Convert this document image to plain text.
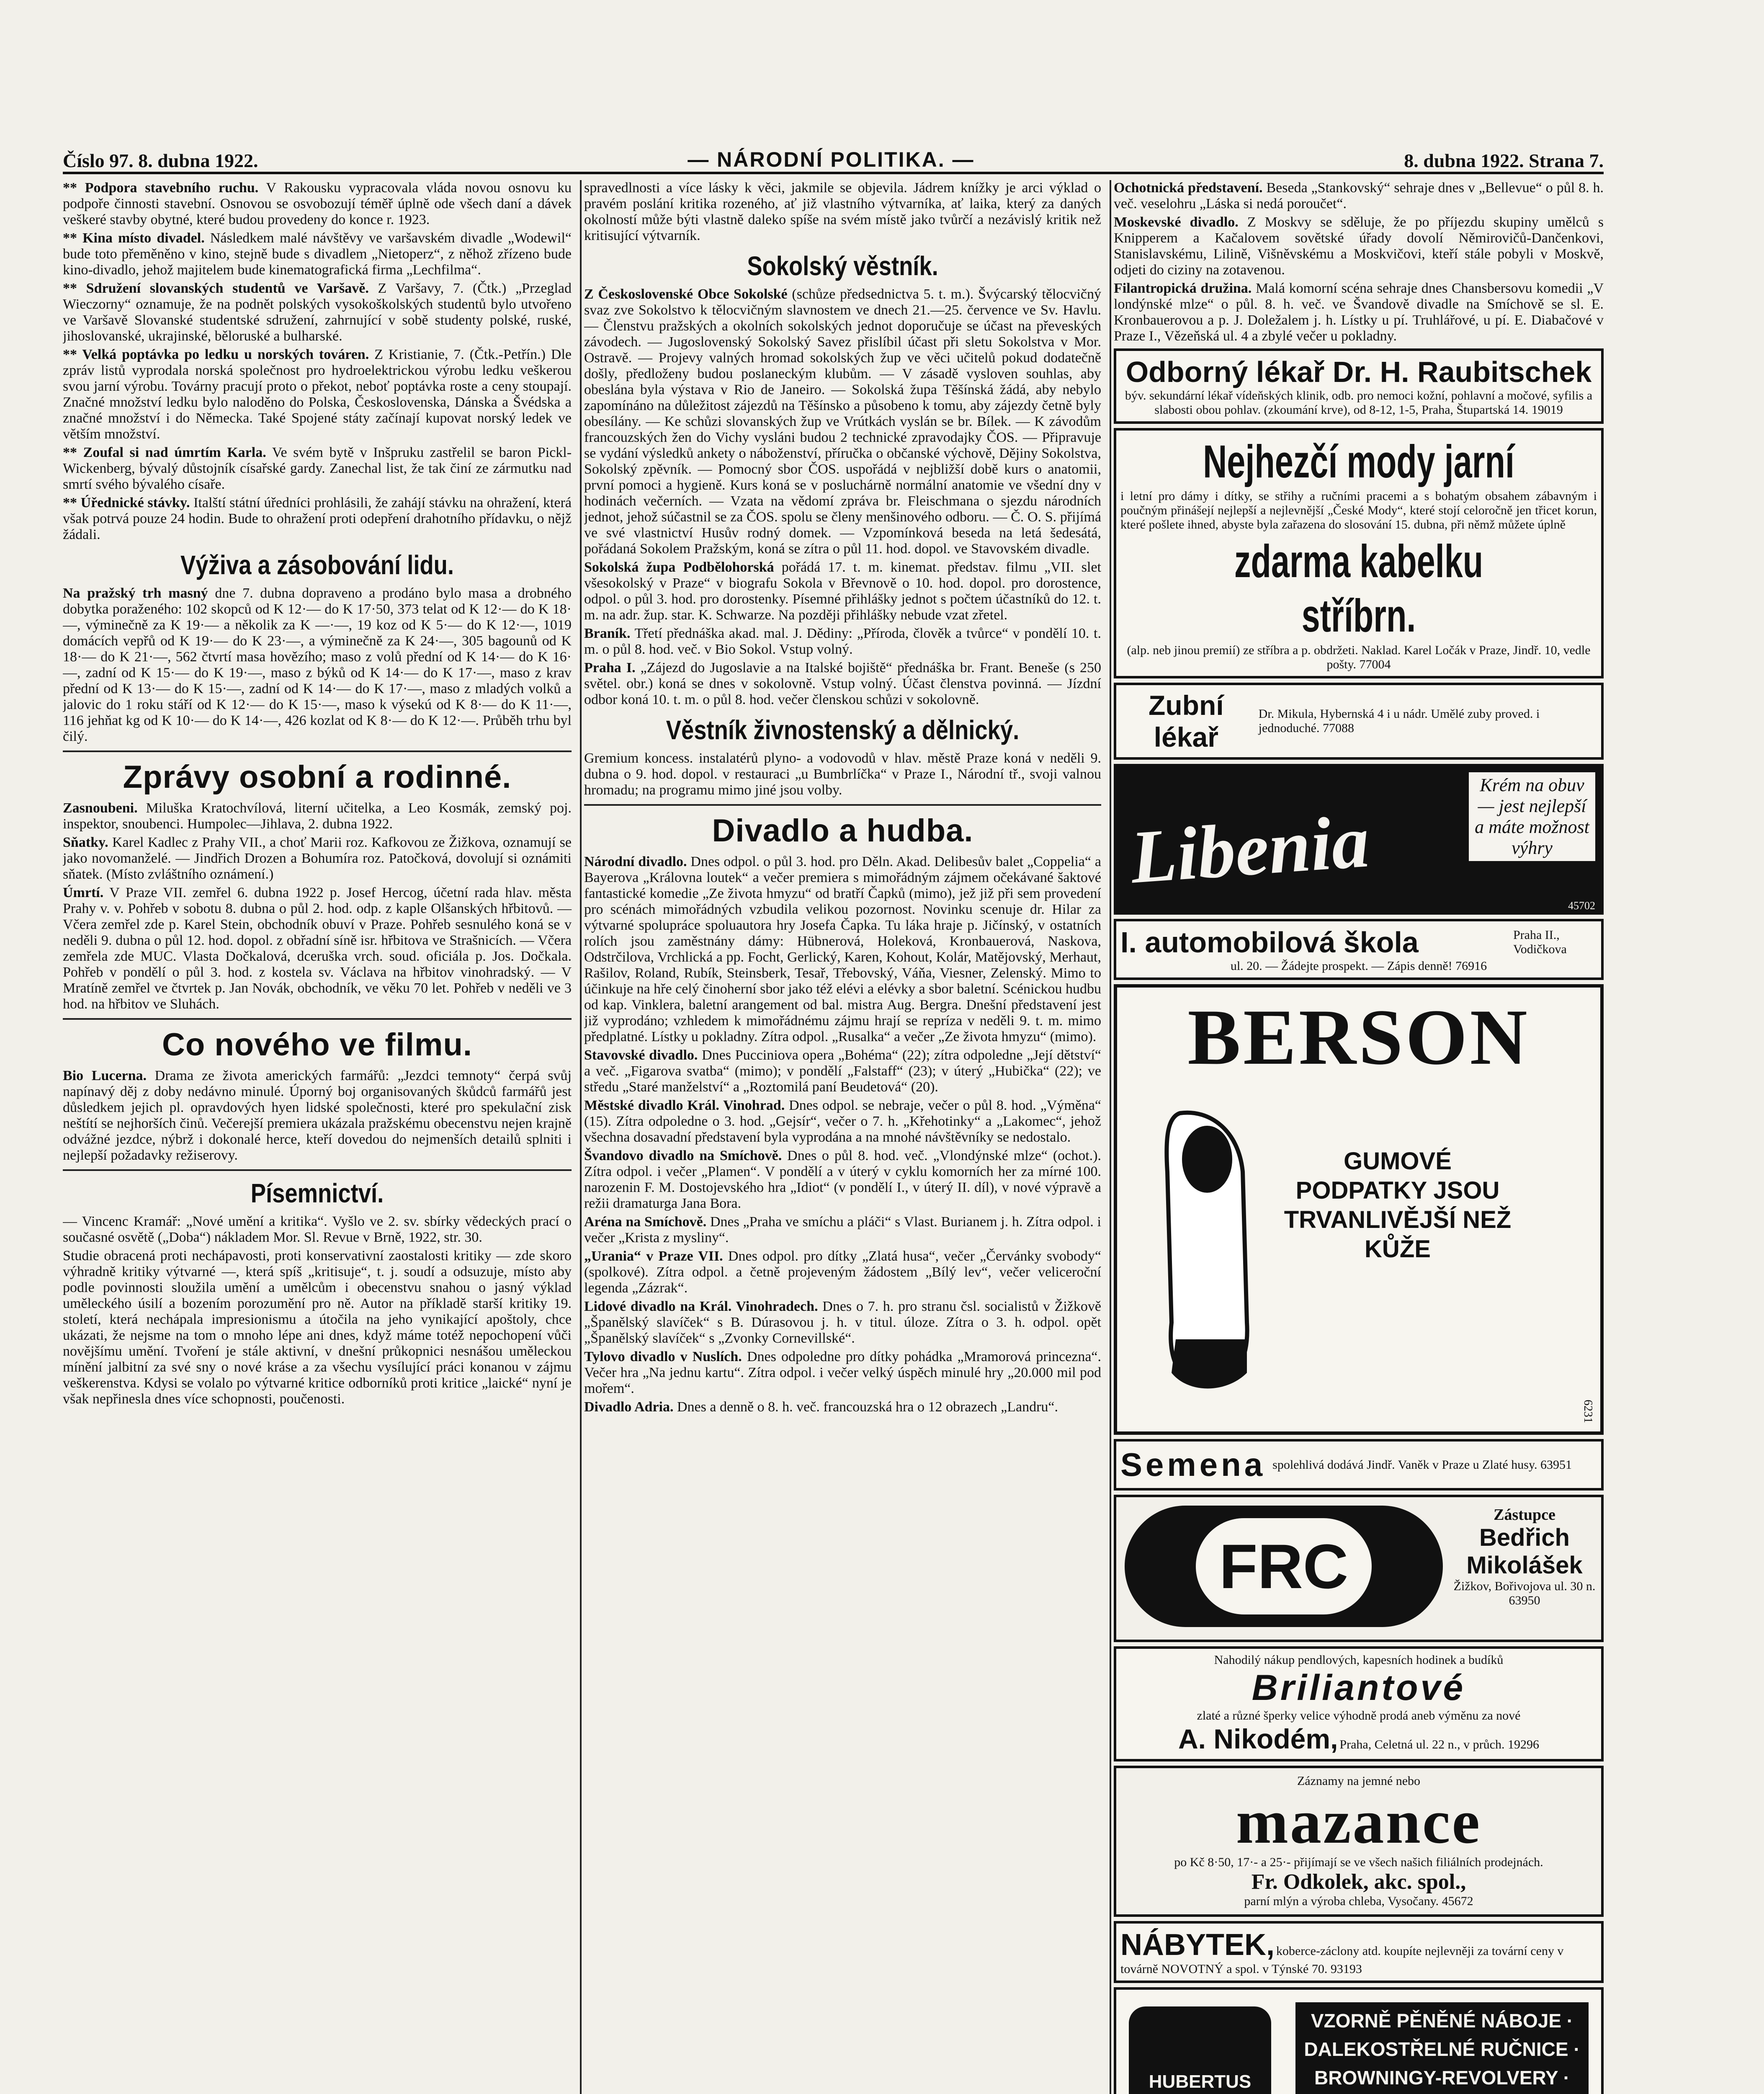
Číslo 97. 8. dubna 1922.	— NÁRODNÍ POLITIKA. —	8. dubna 1922. Strana 7.

** Podpora stavebního ruchu. V Rakousku vypracovala vláda novou osnovu ku podpoře činnosti stavební. Osnovou se osvobozují téměř úplně ode všech daní a dávek veškeré stavby obytné, které budou provedeny do konce r. 1923.

** Kina místo divadel. Následkem malé návštěvy ve varšavském divadle „Wodewil“ bude toto přeměněno v kino, stejně bude s divadlem „Nietoperz“, z něhož zřízeno bude kino-divadlo, jehož majitelem bude kinematografická firma „Lechfilma“.

** Sdružení slovanských studentů ve Varšavě. Z Varšavy, 7. (Čtk.) „Przeglad Wieczorny“ oznamuje, že na podnět polských vysokoškolských studentů bylo utvořeno ve Varšavě Slovanské studentské sdružení, zahrnující v sobě studenty polské, ruské, jihoslovanské, ukrajinské, běloruské a bulharské.

** Velká poptávka po ledku u norských továren. Z Kristianie, 7. (Čtk.-Petřín.) Dle zpráv listů vyprodala norská společnost pro hydroelektrickou výrobu ledku veškerou svou jarní výrobu. Továrny pracují proto o překot, neboť poptávka roste a ceny stoupají. Značné množství ledku bylo naloděno do Polska, Československa, Dánska a Švédska a značné množství i do Německa. Také Spojené státy začínají kupovat norský ledek ve větším množství.

** Zoufal si nad úmrtím Karla. Ve svém bytě v Inšpruku zastřelil se baron Pickl-Wickenberg, bývalý důstojník císařské gardy. Zanechal list, že tak činí ze zármutku nad smrtí svého bývalého císaře.

** Úřednické stávky. Italští státní úředníci prohlásili, že zahájí stávku na ohražení, která však potrvá pouze 24 hodin. Bude to ohražení proti odepření drahotního přídavku, o nějž žádali.

Výživa a zásobování lidu.

Na pražský trh masný dne 7. dubna dopraveno a prodáno bylo masa a drobného dobytka poraženého: 102 skopců od K 12·— do K 17·50, 373 telat od K 12·— do K 18·—, výminečně za K 19·— a několik za K —·—, 19 koz od K 5·— do K 12·—, 1019 domácích vepřů od K 19·— do K 23·—, a výminečně za K 24·—, 305 bagounů od K 18·— do K 21·—, 562 čtvrtí masa hovězího; maso z volů přední od K 14·— do K 16·—, zadní od K 15·— do K 19·—, maso z býků od K 14·— do K 17·—, maso z krav přední od K 13·— do K 15·—, zadní od K 14·— do K 17·—, maso z mladých volků a jalovic do 1 roku stáří od K 12·— do K 15·—, maso k výsekú od K 8·— do K 11·—, 116 jehňat kg od K 10·— do K 14·—, 426 kozlat od K 8·— do K 12·—. Průběh trhu byl čilý.

Zprávy osobní a rodinné.

Zasnoubeni. Miluška Kratochvílová, literní učitelka, a Leo Kosmák, zemský poj. inspektor, snoubenci. Humpolec—Jihlava, 2. dubna 1922.

Sňatky. Karel Kadlec z Prahy VII., a choť Marii roz. Kafkovou ze Žižkova, oznamují se jako novomanželé. — Jindřich Drozen a Bohumíra roz. Patočková, dovolují si oznámiti sňatek. (Místo zvláštního oznámení.)

Úmrtí. V Praze VII. zemřel 6. dubna 1922 p. Josef Hercog, účetní rada hlav. města Prahy v. v. Pohřeb v sobotu 8. dubna o půl 2. hod. odp. z kaple Olšanských hřbitovů. — Včera zemřel zde p. Karel Stein, obchodník obuví v Praze. Pohřeb sesnulého koná se v neděli 9. dubna o půl 12. hod. dopol. z obřadní síně isr. hřbitova ve Strašnicích. — Včera zemřela zde MUC. Vlasta Dočkalová, dceruška vrch. soud. oficiála p. Jos. Dočkala. Pohřeb v pondělí o půl 3. hod. z kostela sv. Václava na hřbitov vinohradský. — V Mratíně zemřel ve čtvrtek p. Jan Novák, obchodník, ve věku 70 let. Pohřeb v neděli ve 3 hod. na hřbitov ve Sluhách.

Co nového ve filmu.

Bio Lucerna. Drama ze života amerických farmářů: „Jezdci temnoty“ čerpá svůj napínavý děj z doby nedávno minulé. Úporný boj organisovaných škůdců farmářů jest důsledkem jejich pl. opravdových hyen lidské společnosti, které pro spekulační zisk neštítí se nejhorších činů. Večerejší premiera ukázala pražskému obecenstvu nejen krajně odvážné jezdce, nýbrž i dokonalé herce, kteří dovedou do nejmenších detailů splniti i nejlepší požadavky režiserovy.

Písemnictví.

— Vincenc Kramář: „Nové umění a kritika“. Vyšlo ve 2. sv. sbírky vědeckých prací o současné osvětě („Doba“) nákladem Mor. Sl. Revue v Brně, 1922, str. 30.

Studie obracená proti nechápavosti, proti konservativní zaostalosti kritiky — zde skoro výhradně kritiky výtvarné —, která spíš „kritisuje“, t. j. soudí a odsuzuje, místo aby podle povinnosti sloužila umění a umělcům i obecenstvu snahou o jasný výklad uměleckého úsilí a bozením porozumění pro ně. Autor na příkladě starší kritiky 19. století, která nechápala impresionismu a útočila na jeho vynikající apoštoly, chce ukázati, že nejsme na tom o mnoho lépe ani dnes, když máme totéž nepochopení vůči novějšímu umění. Tvoření je stále aktivní, v dnešní průkopnici nesnášou uměleckou mínění jalbitní za své sny o nové kráse a za všechu vysílující práci konanou v zájmu veškerenstva. Kdysi se volalo po výtvarné kritice odborníků proti kritice „laické“ nyní je však nepřinesla dnes více schopnosti, poučenosti.

spravedlnosti a více lásky k věci, jakmile se objevila. Jádrem knížky je arci výklad o pravém poslání kritika rozeného, ať již vlastního výtvarníka, ať laika, který za daných okolností může býti vlastně daleko spíše na svém místě jako tvůrčí a nezávislý kritik než kritisující výtvarník.

Sokolský věstník.

Z Československé Obce Sokolské (schůze předsednictva 5. t. m.). Švýcarský tělocvičný svaz zve Sokolstvo k tělocvičným slavnostem ve dnech 21.—25. července ve Sv. Havlu. — Členstvu pražských a okolních sokolských jednot doporučuje se účast na převeských závodech. — Jugoslovenský Sokolský Savez přislíbil účast při sletu Sokolstva v Mor. Ostravě. — Projevy valných hromad sokolských žup ve věci učitelů pokud dodatečně došly, předloženy budou poslaneckým klubům. — V zásadě vysloven souhlas, aby obeslána byla výstava v Rio de Janeiro. — Sokolská župa Těšínská žádá, aby nebylo zapomínáno na důležitost zájezdů na Těšínsko a působeno k tomu, aby zájezdy četně byly obesílány. — Ke schůzi slovanských žup ve Vrútkách vyslán se br. Bílek. — K závodům francouzských žen do Vichy vysláni budou 2 technické zpravodajky ČOS. — Připravuje se vydání výsledků ankety o náboženství, příručka o občanské výchově, Dějiny Sokolstva, Sokolský zpěvník. — Pomocný sbor ČOS. uspořádá v nejbližší době kurs o anatomii, první pomoci a hygieně. Kurs koná se v posluchárně normální anatomie ve všední dny v hodinách večerních. — Vzata na vědomí zpráva br. Fleischmana o sjezdu národních jednot, jehož súčastnil se za ČOS. spolu se členy menšinového odboru. — Č. O. S. přijímá ve své vlastnictví Husův rodný domek. — Vzpomínková beseda na letá šedesátá, pořádaná Sokolem Pražským, koná se zítra o půl 11. hod. dopol. ve Stavovském divadle.

Sokolská župa Podbělohorská pořádá 17. t. m. kinemat. představ. filmu „VII. slet všesokolský v Praze“ v biografu Sokola v Břevnově o 10. hod. dopol. pro dorostence, odpol. o půl 3. hod. pro dorostenky. Písemné přihlášky jednot s počtem účastníků do 12. t. m. na adr. žup. star. K. Schwarze. Na později přihlášky nebude vzat zřetel.

Braník. Třetí přednáška akad. mal. J. Dědiny: „Příroda, člověk a tvůrce“ v pondělí 10. t. m. o půl 8. hod. več. v Bio Sokol. Vstup volný.

Praha I. „Zájezd do Jugoslavie a na Italské bojiště“ přednáška br. Frant. Beneše (s 250 světel. obr.) koná se dnes v sokolovně. Vstup volný. Účast členstva povinná. — Jízdní odbor koná 10. t. m. o půl 8. hod. večer členskou schůzi v sokolovně.

Věstník živnostenský a dělnický.

Gremium koncess. instalatérů plyno- a vodovodů v hlav. městě Praze koná v neděli 9. dubna o 9. hod. dopol. v restauraci „u Bumbrlíčka“ v Praze I., Národní tř., svoji valnou hromadu; na programu mimo jiné jsou volby.

Divadlo a hudba.

Národní divadlo. Dnes odpol. o půl 3. hod. pro Děln. Akad. Delibesův balet „Coppelia“ a Bayerova „Královna loutek“ a večer premiera s mimořádným zájmem očekávané šaktové fantastické komedie „Ze života hmyzu“ od bratří Čapků (mimo), jež již při sem provedení pro scénách mimořádných vzbudila velikou pozornost. Novinku scenuje dr. Hilar za výtvarné spolupráce spoluautora hry Josefa Čapka. Tu láka hraje p. Jičínský, v ostatních rolích jsou zaměstnány dámy: Hübnerová, Holeková, Kronbauerová, Naskova, Odstrčilova, Vrchlická a pp. Focht, Gerlický, Karen, Kohout, Kolár, Matějovský, Merhaut, Rašilov, Roland, Rubík, Steinsberk, Tesař, Třebovský, Váňa, Viesner, Zelenský. Mimo to účinkuje na hře celý činoherní sbor jako též elévi a elévky a sbor baletní. Scénickou hudbu od kap. Vinklera, baletní arangement od bal. mistra Aug. Bergra. Dnešní představení jest již vyprodáno; vzhledem k mimořádnému zájmu hrají se repríza v neděli 9. t. m. mimo předplatné. Lístky u pokladny. Zítra odpol. „Rusalka“ a večer „Ze života hmyzu“ (mimo).

Stavovské divadlo. Dnes Pucciniova opera „Bohéma“ (22); zítra odpoledne „Její dětství“ a več. „Figarova svatba“ (mimo); v pondělí „Falstaff“ (23); v úterý „Hubička“ (22); ve středu „Staré manželství“ a „Roztomilá paní Beudetová“ (20).

Městské divadlo Král. Vinohrad. Dnes odpol. se nebraje, večer o půl 8. hod. „Výměna“ (15). Zítra odpoledne o 3. hod. „Gejsír“, večer o 7. h. „Křehotinky“ a „Lakomec“, jehož všechna dosavadní představení byla vyprodána a na mnohé návštěvníky se nedostalo.

Švandovo divadlo na Smíchově. Dnes o půl 8. hod. več. „Vlondýnské mlze“ (ochot.). Zítra odpol. i večer „Plamen“. V pondělí a v úterý v cyklu komorních her za mírné 100. narozenin F. M. Dostojevského hra „Idiot“ (v pondělí I., v úterý II. díl), v nové výpravě a režii dramaturga Jana Bora.

Aréna na Smíchově. Dnes „Praha ve smíchu a pláči“ s Vlast. Burianem j. h. Zítra odpol. i večer „Krista z mysliny“.

„Urania“ v Praze VII. Dnes odpol. pro dítky „Zlatá husa“, večer „Červánky svobody“ (spolkové). Zítra odpol. a četně projeveným žádostem „Bílý lev“, večer veliceroční legenda „Zázrak“.

Lidové divadlo na Král. Vinohradech. Dnes o 7. h. pro stranu čsl. socialistů v Žižkově „Španělský slavíček“ s B. Dúrasovou j. h. v titul. úloze. Zítra o 3. h. odpol. opět „Španělský slavíček“ s „Zvonky Cornevillské“.

Tylovo divadlo v Nuslích. Dnes odpoledne pro dítky pohádka „Mramorová princezna“. Večer hra „Na jednu kartu“. Zítra odpol. i večer velký úspěch minulé hry „20.000 mil pod mořem“.

Divadlo Adria. Dnes a denně o 8. h. več. francouzská hra o 12 obrazech „Landru“.

Ochotnická představení. Beseda „Stankovský“ sehraje dnes v „Bellevue“ o půl 8. h. več. veselohru „Láska si nedá poroučet“.

Moskevské divadlo. Z Moskvy se sděluje, že po příjezdu skupiny umělců s Knipperem a Kačalovem sovětské úřady dovolí Němirovičů-Dančenkovi, Stanislavskému, Lilině, Višněvskému a Moskvičovi, kteří stále pobyli v Moskvě, odjeti do ciziny na zotavenou.

Filantropická družina. Malá komorní scéna sehraje dnes Chansbersovu komedii „V londýnské mlze“ o půl. 8. h. več. ve Švandově divadle na Smíchově se sl. E. Kronbauerovou a p. J. Doležalem j. h. Lístky u pí. Truhlářové, u pí. E. Diabačové v Praze I., Vězeňská ul. 4 a zbylé večer u pokladny.

Odborný lékař Dr. H. Raubitschek
býv. sekundární lékař vídeňských klinik, odb. pro nemoci kožní, pohlavní a močové, syfilis a slabosti obou pohlav. (zkoumání krve), od 8-12, 1-5, Praha, Štupartská 14. 19019
Nejhezčí mody jarní

i letní pro dámy i dítky, se střihy a ručními pracemi a s bohatým obsahem zábavným i poučným přinášejí nejlepší a nejlevnější „České Mody“, které stojí celoročně jen třicet korun, které pošlete ihned, abyste byla zařazena do slosování 15. dubna, při němž můžete úplně

zdarma kabelku stříbrn.
(alp. neb jinou premií) ze stříbra a p. obdržeti. Naklad. Karel Ločák v Praze, Jindř. 10, vedle pošty. 77004
Zubní lékař
Dr. Mikula, Hybernská 4 i u nádr. Umělé zuby proved. i jednoduché. 77088
Libenia
Krém na obuv — jest nejlepší a máte možnost výhry
45702
I. automobilová škola	Praha II., Vodičkova
ul. 20. — Žádejte prospekt. — Zápis denně! 76916
BERSON
GUMOVÉ PODPATKY JSOU TRVANLIVĚJŠÍ NEŽ KŮŽE
6231
Semena spolehlivá dodává Jindř. Vaněk v Praze u Zlaté husy. 63951
FRC
Zástupce
Bedřich Mikolášek
Žižkov, Bořivojova ul. 30 n. 63950
Nahodilý nákup pendlových, kapesních hodinek a budíků
Briliantové
zlaté a různé šperky velice výhodně prodá aneb výměnu za nové
A. Nikodém, Praha, Celetná ul. 22 n., v průch. 19296
Záznamy na jemné nebo
mazance
po Kč 8·50, 17·- a 25·- přijímají se ve všech našich filiálních prodejnách.
Fr. Odkolek, akc. spol.,
parní mlýn a výroba chleba, Vysočany. 45672
NÁBYTEK, kobercе-záclony atd. koupíte nejlevněji za tovární ceny v továrně NOVOTNÝ a spol. v Týnské 70. 93193
HUBERTUS
VZORNĚ PĚNĚNÉ NÁBOJE · DALEKOSTŘELNÉ RUČNICE · BROWNINGY-REVOLVERY ·
